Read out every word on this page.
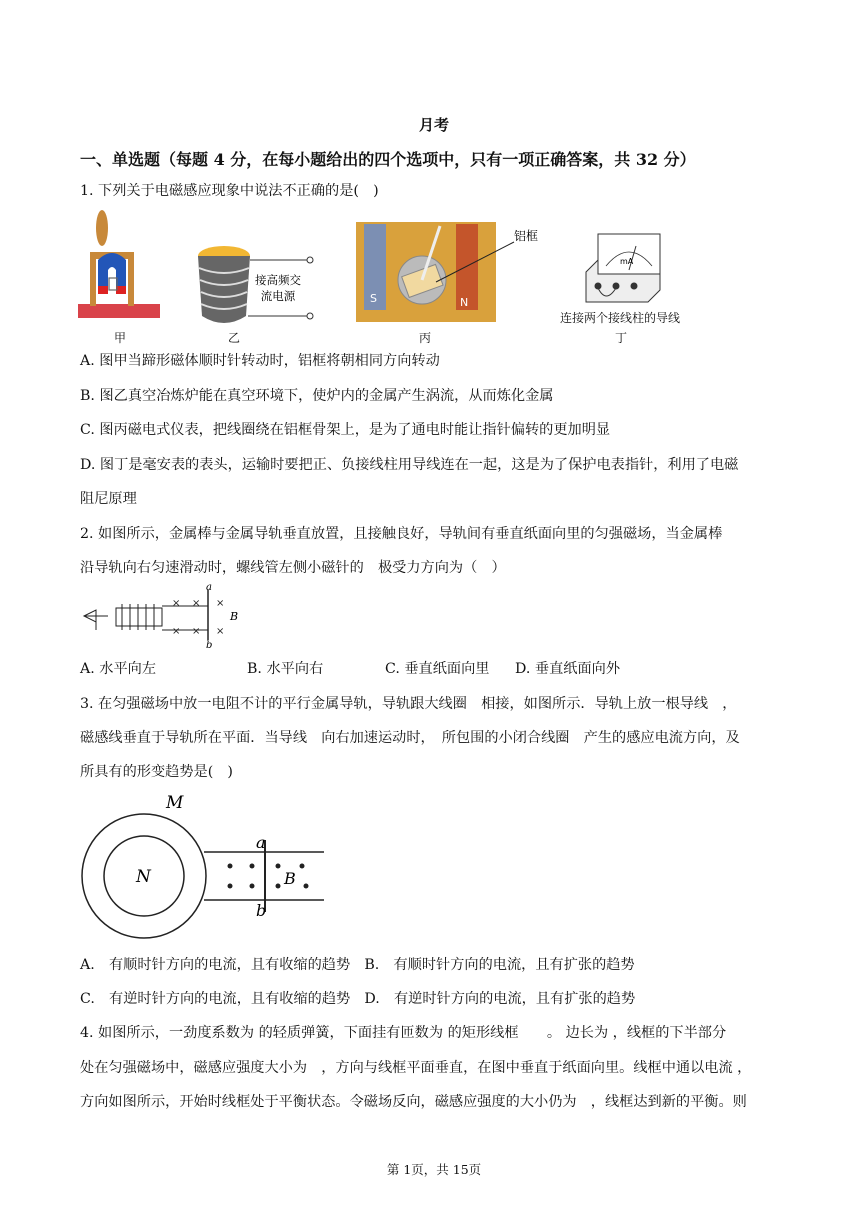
月考
一、单选题（每题 4 分，在每小题给出的四个选项中，只有一项正确答案，共 32 分）
1. 下列关于电磁感应现象中说法不正确的是(　)
甲
接高频交
流电源
乙
S	N
铝框
丙
mA
连接两个接线柱的导线
丁
A. 图甲当蹄形磁体顺时针转动时，铝框将朝相同方向转动
B. 图乙真空冶炼炉能在真空环境下，使炉内的金属产生涡流，从而炼化金属
C. 图丙磁电式仪表，把线圈绕在铝框骨架上，是为了通电时能让指针偏转的更加明显
D. 图丁是毫安表的表头，运输时要把正、负接线柱用导线连在一起，这是为了保护电表指针，利用了电磁
阻尼原理
2. 如图所示，金属棒与金属导轨垂直放置，且接触良好，导轨间有垂直纸面向里的匀强磁场，当金属棒
沿导轨向右匀速滑动时，螺线管左侧小磁针的　极受力方向为（　）
× × ×
× × ×
a
b
B
A. 水平向左	B. 水平向右	C. 垂直纸面向里 D. 垂直纸面向外
3. 在匀强磁场中放一电阻不计的平行金属导轨，导轨跟大线圈　相接，如图所示．导轨上放一根导线　，
磁感线垂直于导轨所在平面．当导线　向右加速运动时，　所包围的小闭合线圈　产生的感应电流方向，及
所具有的形变趋势是(　)
M
N
a
b
B
A.　有顺时针方向的电流，且有收缩的趋势　B.　有顺时针方向的电流，且有扩张的趋势
C.　有逆时针方向的电流，且有收缩的趋势　D.　有逆时针方向的电流，且有扩张的趋势
4. 如图所示，一劲度系数为 的轻质弹簧，下面挂有匝数为 的矩形线框　　。 边长为 ，线框的下半部分
处在匀强磁场中，磁感应强度大小为　，方向与线框平面垂直，在图中垂直于纸面向里。线框中通以电流 ，
方向如图所示，开始时线框处于平衡状态。令磁场反向，磁感应强度的大小仍为　，线框达到新的平衡。则
第 1页，共 15页
